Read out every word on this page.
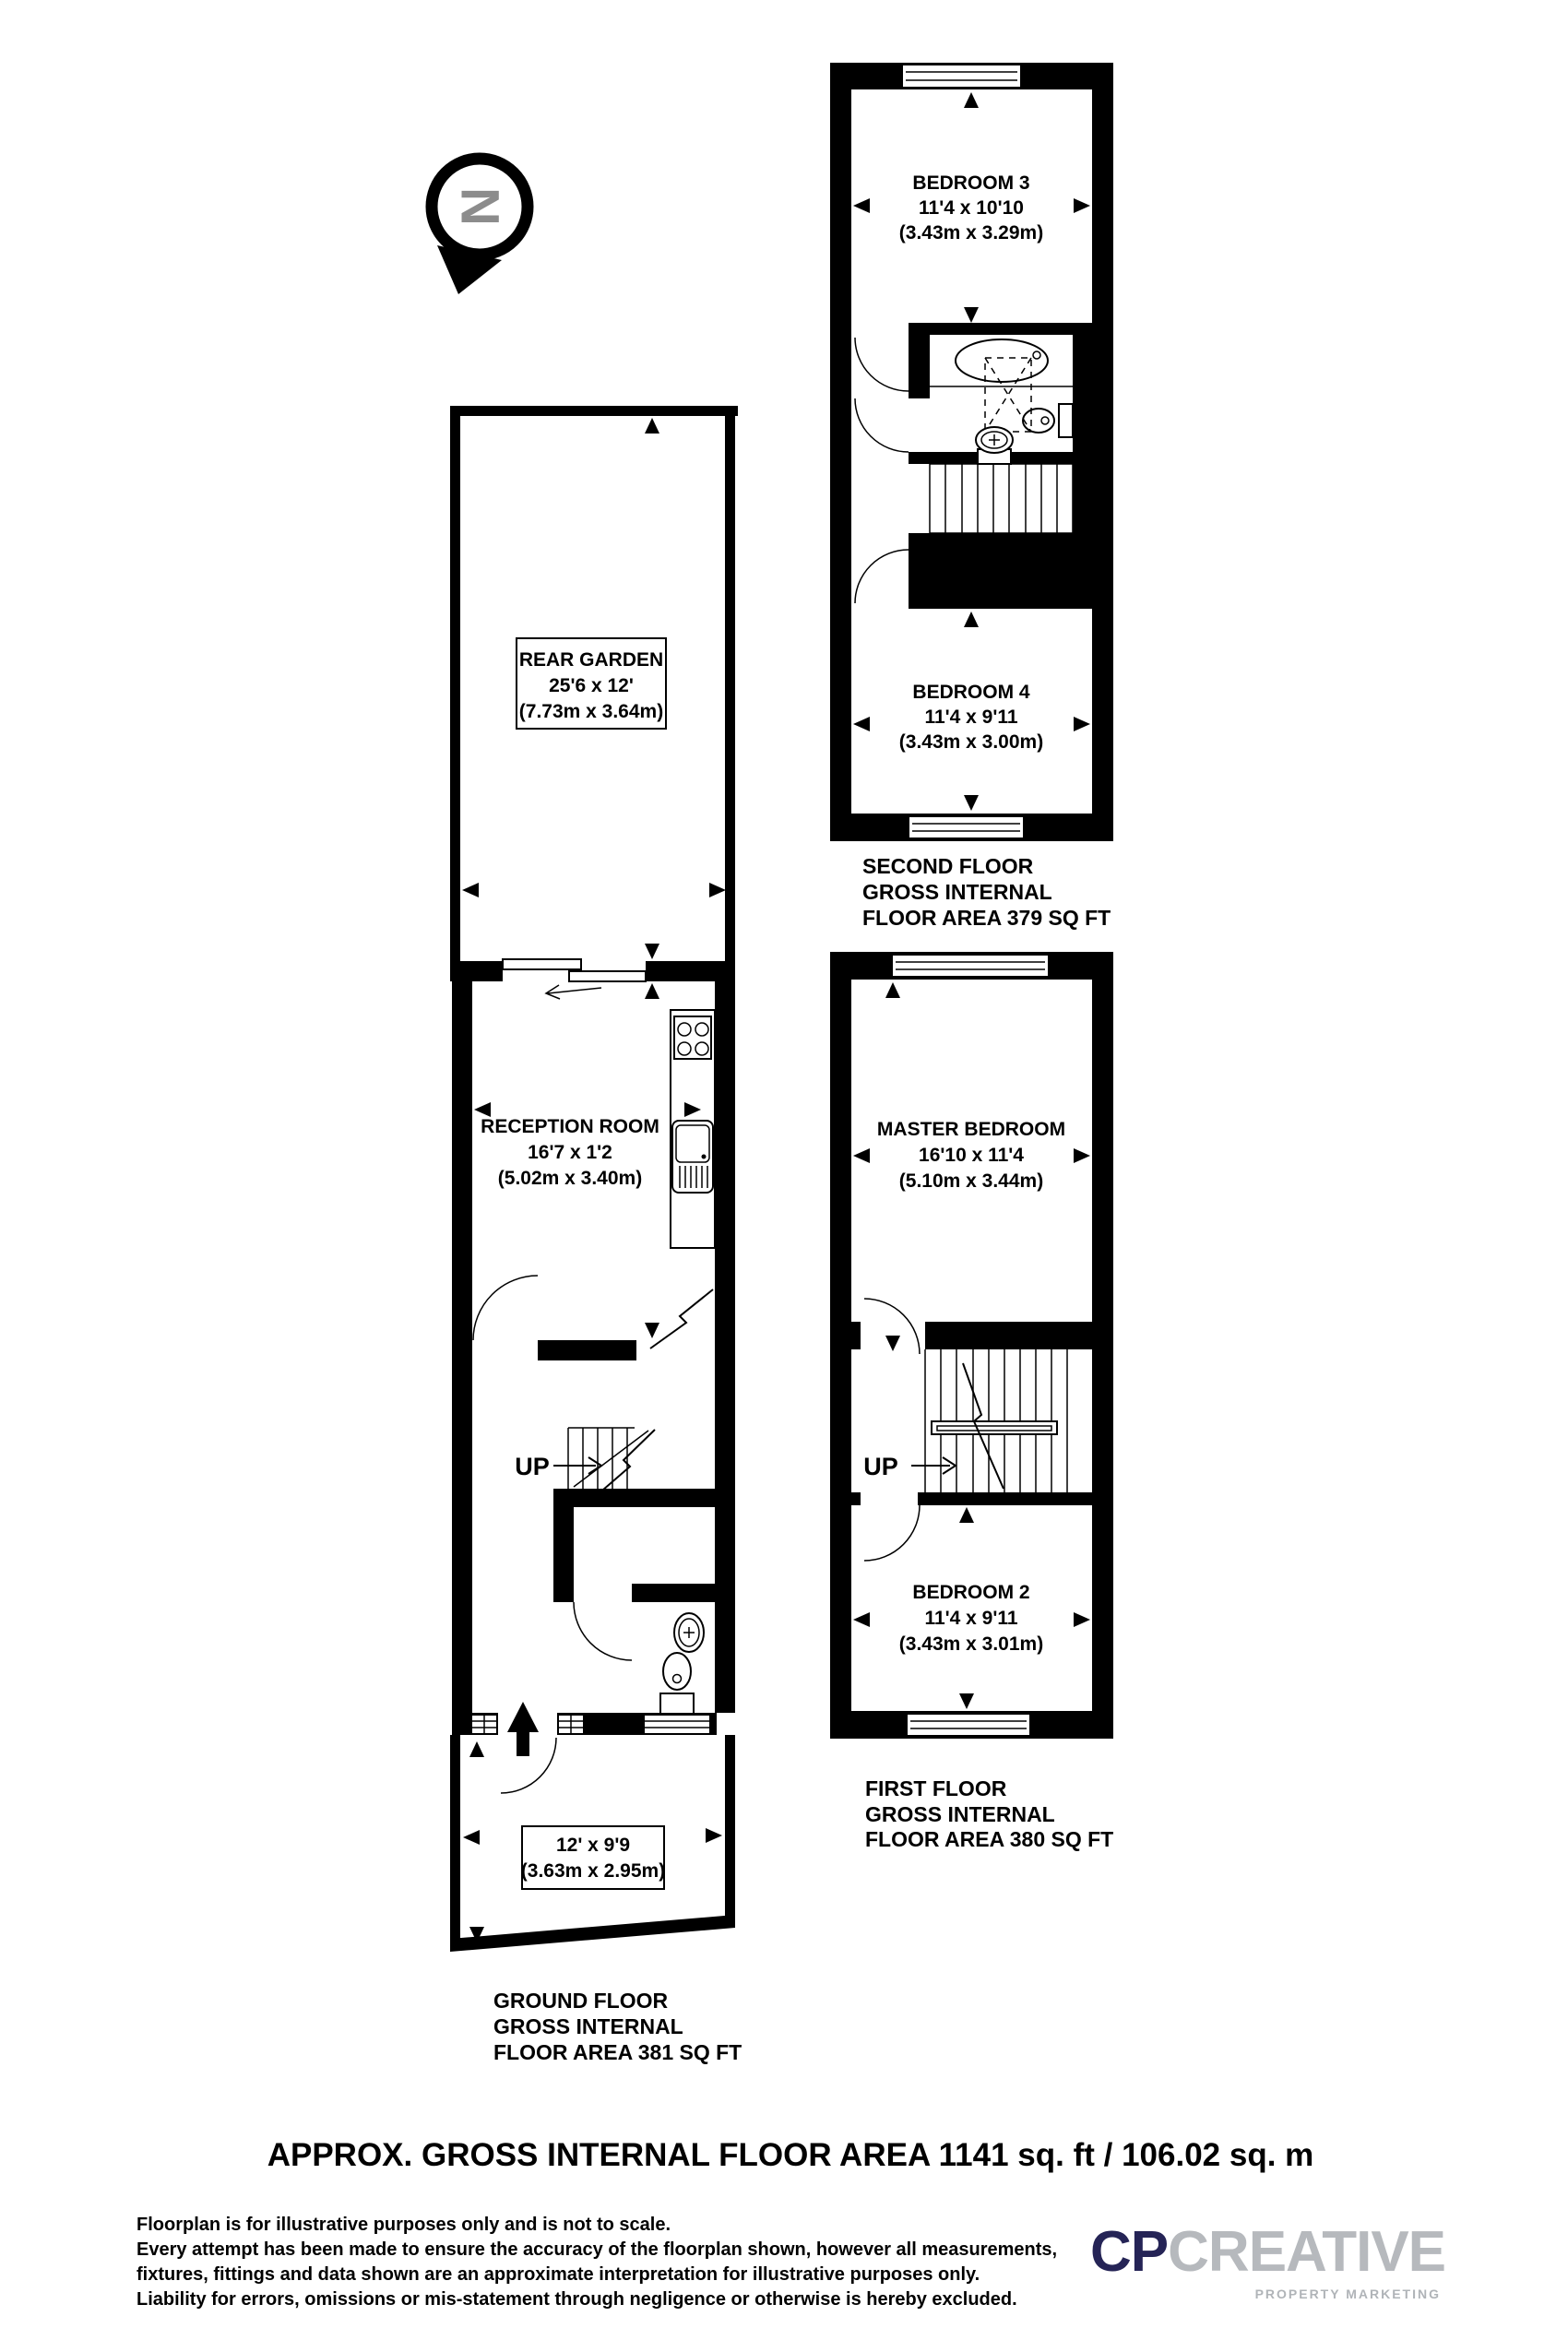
N
UP
REAR GARDEN
25'6 x 12'
(7.73m x 3.64m)
RECEPTION ROOM
16'7 x 1'2
(5.02m x 3.40m)
12' x 9'9
(3.63m x 2.95m)
GROUND FLOOR
GROSS INTERNAL
FLOOR AREA 381 SQ FT
BEDROOM 3
11'4 x 10'10
(3.43m x 3.29m)
BEDROOM 4
11'4 x 9'11
(3.43m x 3.00m)
SECOND FLOOR
GROSS INTERNAL
FLOOR AREA 379 SQ FT
UP
MASTER BEDROOM
16'10 x 11'4
(5.10m x 3.44m)
BEDROOM 2
11'4 x 9'11
(3.43m x 3.01m)
FIRST FLOOR
GROSS INTERNAL
FLOOR AREA 380 SQ FT
APPROX. GROSS INTERNAL FLOOR AREA 1141 sq. ft / 106.02 sq. m
Floorplan is for illustrative purposes only and is not to scale.
Every attempt has been made to ensure the accuracy of the floorplan shown, however all measurements,
fixtures, fittings and data shown are an approximate interpretation for illustrative purposes only.
Liability for errors, omissions or mis-statement through negligence or otherwise is hereby excluded.
CPCREATIVE
PROPERTY MARKETING
